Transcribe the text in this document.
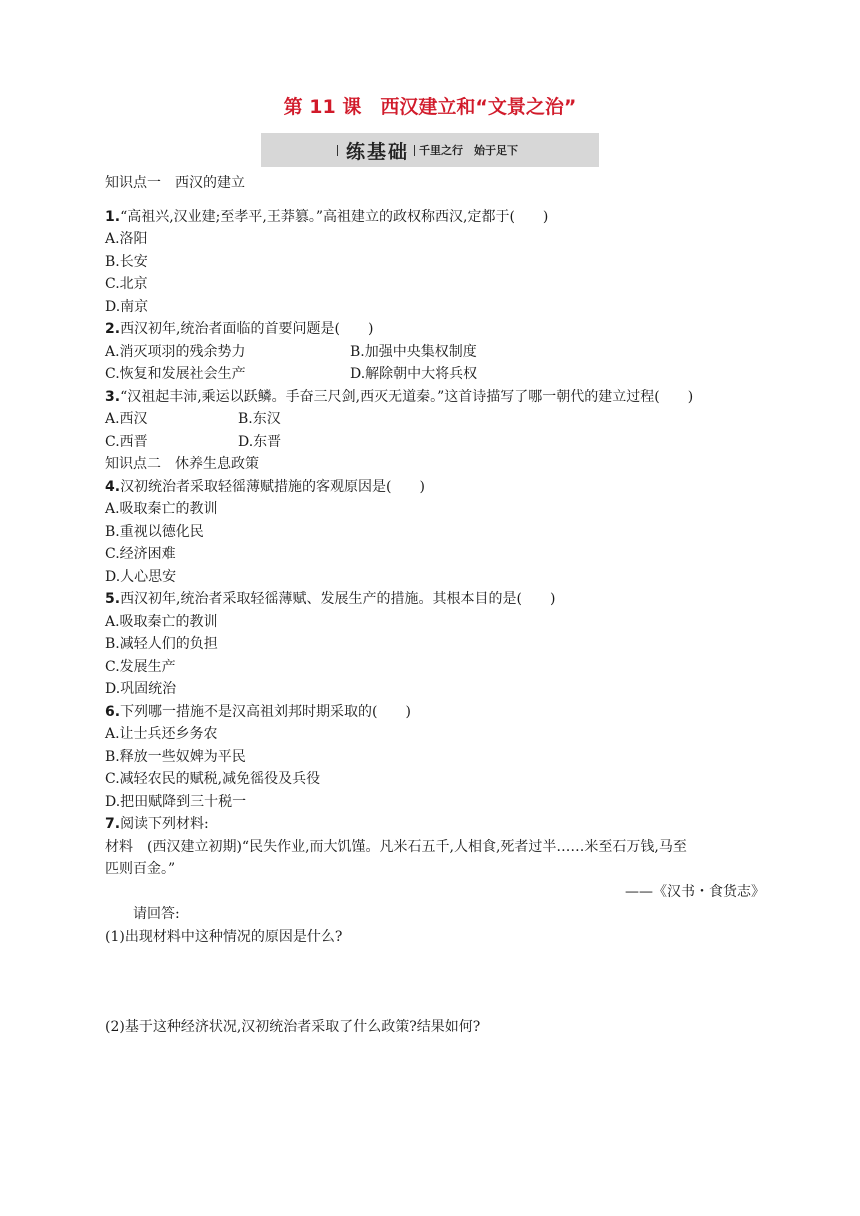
第 11 课　西汉建立和“文景之治”
练基础 千里之行　始于足下
知识点一　西汉的建立
1.“高祖兴,汉业建;至孝平,王莽篡。”高祖建立的政权称西汉,定都于(　　)
A.洛阳
B.长安
C.北京
D.南京
2.西汉初年,统治者面临的首要问题是(　　)
A.消灭项羽的残余势力	B.加强中央集权制度
C.恢复和发展社会生产	D.解除朝中大将兵权
3.“汉祖起丰沛,乘运以跃鳞。手奋三尺剑,西灭无道秦。”这首诗描写了哪一朝代的建立过程(　　)
A.西汉	B.东汉
C.西晋	D.东晋
知识点二　休养生息政策
4.汉初统治者采取轻徭薄赋措施的客观原因是(　　)
A.吸取秦亡的教训
B.重视以德化民
C.经济困难
D.人心思安
5.西汉初年,统治者采取轻徭薄赋、发展生产的措施。其根本目的是(　　)
A.吸取秦亡的教训
B.减轻人们的负担
C.发展生产
D.巩固统治
6.下列哪一措施不是汉高祖刘邦时期采取的(　　)
A.让士兵还乡务农
B.释放一些奴婢为平民
C.减轻农民的赋税,减免徭役及兵役
D.把田赋降到三十税一
7.阅读下列材料:
材料　(西汉建立初期)“民失作业,而大饥馑。凡米石五千,人相食,死者过半……米至石万钱,马至
匹则百金。”
——《汉书・食货志》
请回答:
(1)出现材料中这种情况的原因是什么?
(2)基于这种经济状况,汉初统治者采取了什么政策?结果如何?
